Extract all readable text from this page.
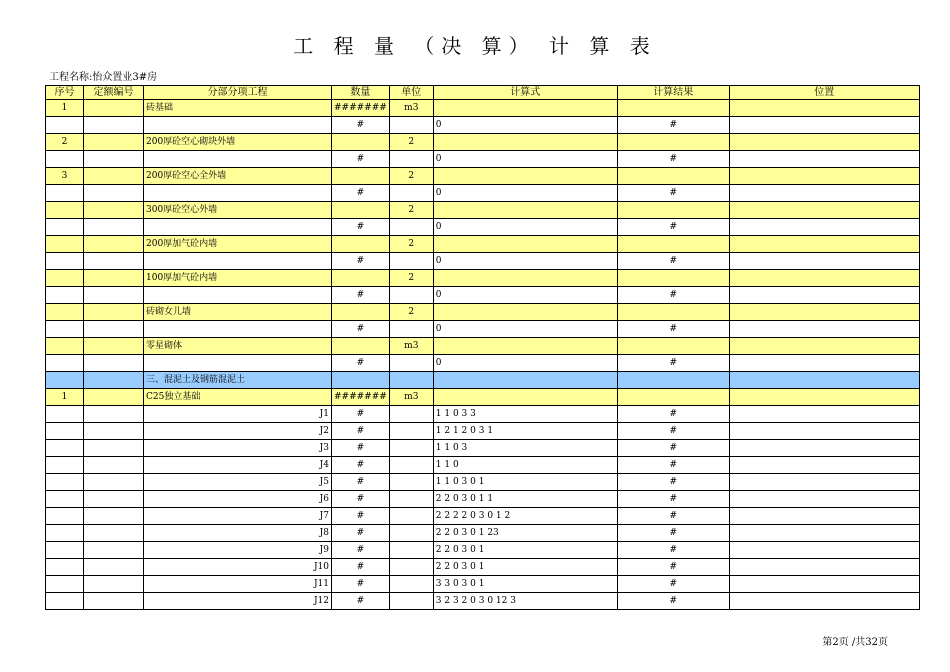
工 程 量 （决 算） 计 算 表
工程名称:怡众置业3#房
序号	定额编号	分部分项工程	数量	单位	计算式	计算结果	位置
1		砖基础	#######	m3			
			#		0	#	
2		200厚砼空心砌块外墙		2			
			#		0	#	
3		200厚砼空心全外墙		2			
			#		0	#	
		300厚砼空心外墙		2			
			#		0	#	
		200厚加气砼内墙		2			
			#		0	#	
		100厚加气砼内墙		2			
			#		0	#	
		砖砌女儿墙		2			
			#		0	#	
		零星砌体		m3			
			#		0	#	
		三、混泥土及钢筋混泥土					
1		C25独立基础	#######	m3			
		J1	#		1 1 0 3 3	#	
		J2	#		1 2 1 2 0 3 1	#	
		J3	#		1 1 0 3	#	
		J4	#		1 1 0	#	
		J5	#		1 1 0 3 0 1	#	
		J6	#		2 2 0 3 0 1 1	#	
		J7	#		2 2 2 2 0 3 0 1 2	#	
		J8	#		2 2 0 3 0 1 23	#	
		J9	#		2 2 0 3 0 1	#	
		J10	#		2 2 0 3 0 1	#	
		J11	#		3 3 0 3 0 1	#	
		J12	#		3 2 3 2 0 3 0 12 3	#	
第2页 /共32页
